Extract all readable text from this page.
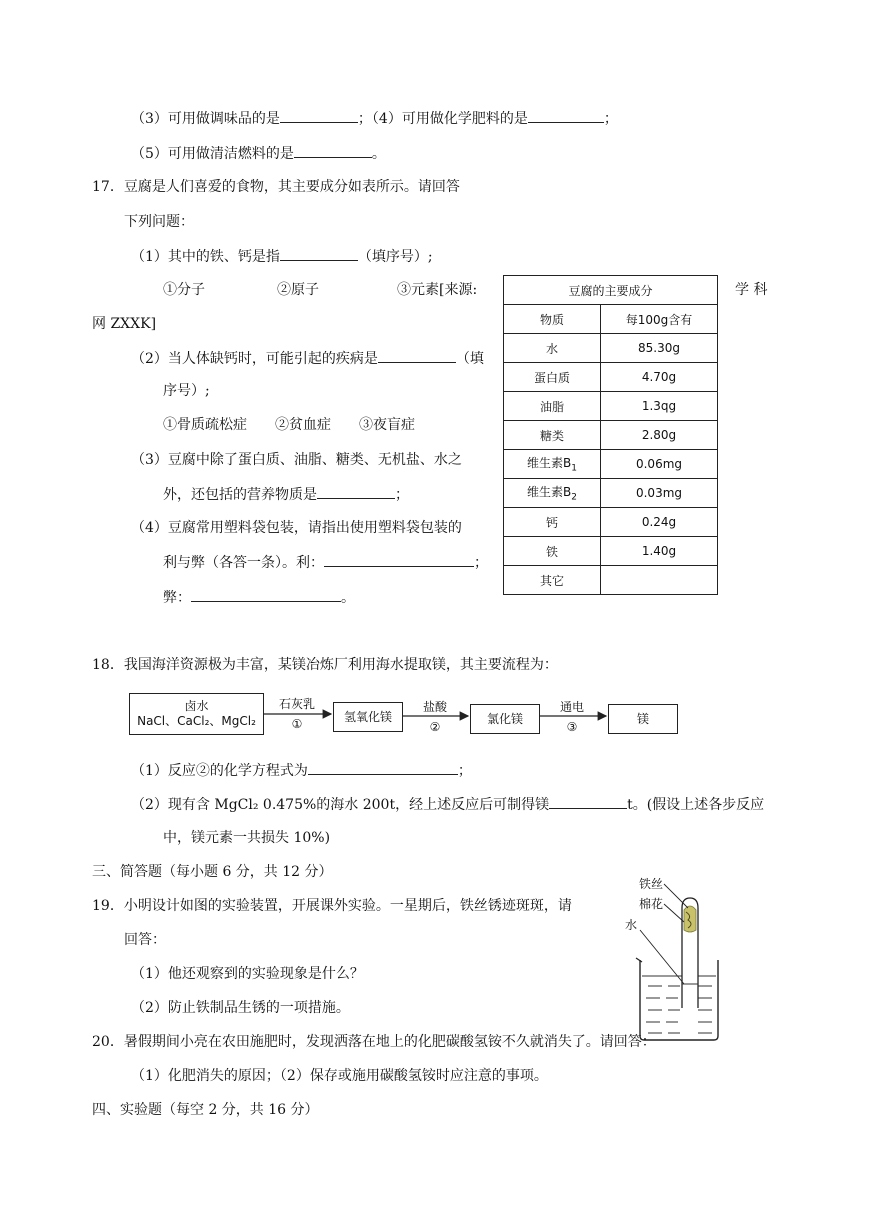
（3）可用做调味品的是	；（4）可用做化学肥料的是	；
（5）可用做清洁燃料的是	。
17．豆腐是人们喜爱的食物，其主要成分如表所示。请回答
下列问题：
（1）其中的铁、钙是指	（填序号）;
①分子	②原子	③元素[来源:	学 科
网 ZXXK]
（2）当人体缺钙时，可能引起的疾病是	（填
序号）;
①骨质疏松症　　②贫血症　　③夜盲症
（3）豆腐中除了蛋白质、油脂、糖类、无机盐、水之
外，还包括的营养物质是	；
（4）豆腐常用塑料袋包装，请指出使用塑料袋包装的
利与弊（各答一条）。利：	；
弊：	。
豆腐的主要成分	
物质	每100g含有
水	85.30g
蛋白质	4.70g
油脂	1.3qg
糖类	2.80g
维生素$B_1$	0.06mg
维生素$B_2$	0.03mg
钙	0.24g
铁	1.40g
其它	
18．我国海洋资源极为丰富，某镁冶炼厂利用海水提取镁，其主要流程为：
卤水
NaCl、CaCl₂、MgCl₂	氢氧化镁	氯化镁	镁
石灰乳
①
盐酸
②
通电
③
（1）反应②的化学方程式为	；
（2）现有含 MgCl₂ 0.475%的海水 200t，经上述反应后可制得镁	t。(假设上述各步反应
中，镁元素一共损失 10%)
三、简答题（每小题 6 分，共 12 分）
19．小明设计如图的实验装置，开展课外实验。一星期后，铁丝锈迹斑斑，请
回答：
（1）他还观察到的实验现象是什么？
（2）防止铁制品生锈的一项措施。
铁丝
棉花
水
20．暑假期间小亮在农田施肥时，发现洒落在地上的化肥碳酸氢铵不久就消失了。请回答：
（1）化肥消失的原因；（2）保存或施用碳酸氢铵时应注意的事项。
四、实验题（每空 2 分，共 16 分）
